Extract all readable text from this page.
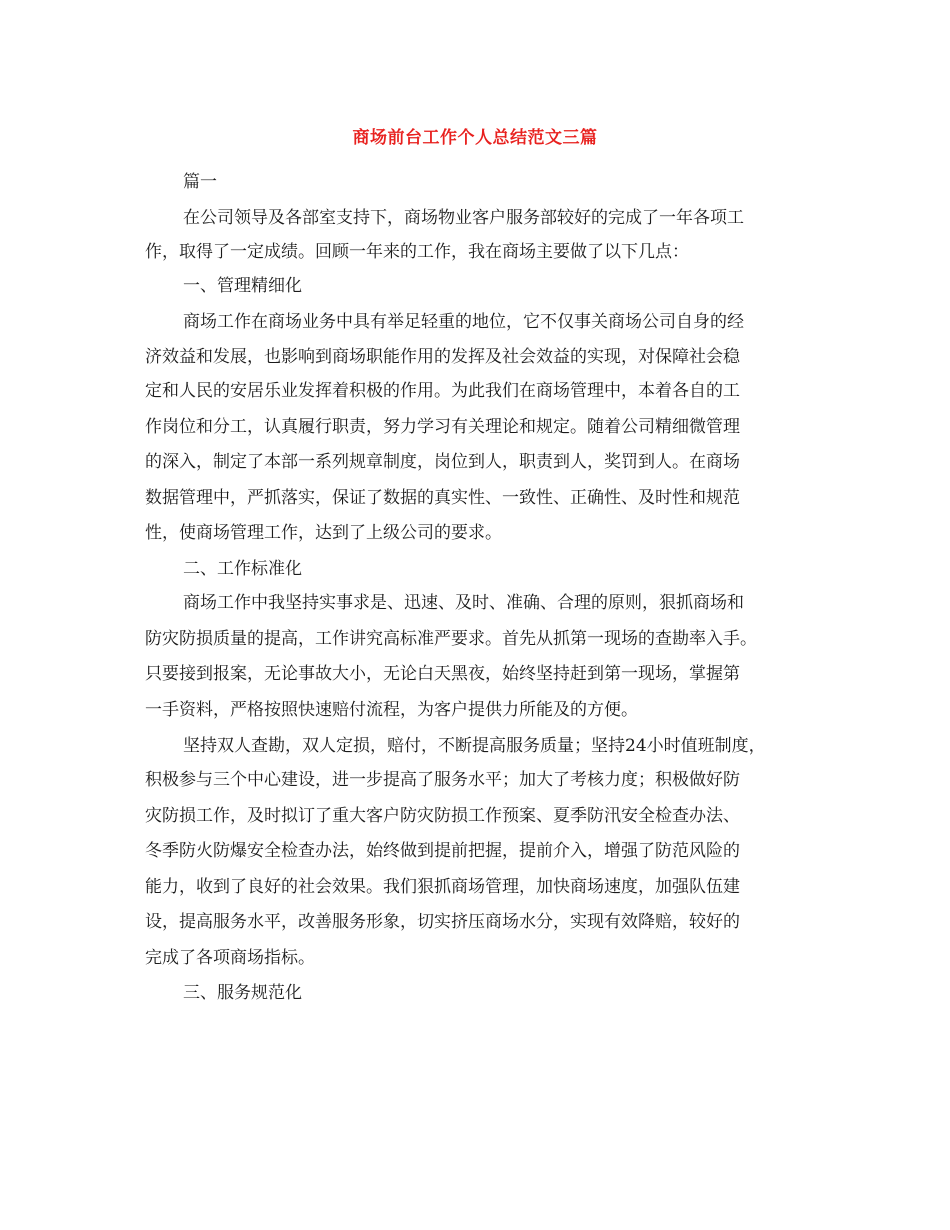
商场前台工作个人总结范文三篇
篇一
在公司领导及各部室支持下，商场物业客户服务部较好的完成了一年各项工
作，取得了一定成绩。回顾一年来的工作，我在商场主要做了以下几点：
一、管理精细化
商场工作在商场业务中具有举足轻重的地位，它不仅事关商场公司自身的经
济效益和发展，也影响到商场职能作用的发挥及社会效益的实现，对保障社会稳
定和人民的安居乐业发挥着积极的作用。为此我们在商场管理中，本着各自的工
作岗位和分工，认真履行职责，努力学习有关理论和规定。随着公司精细微管理
的深入，制定了本部一系列规章制度，岗位到人，职责到人，奖罚到人。在商场
数据管理中，严抓落实，保证了数据的真实性、一致性、正确性、及时性和规范
性，使商场管理工作，达到了上级公司的要求。
二、工作标准化
商场工作中我坚持实事求是、迅速、及时、准确、合理的原则，狠抓商场和
防灾防损质量的提高，工作讲究高标准严要求。首先从抓第一现场的查勘率入手。
只要接到报案，无论事故大小，无论白天黑夜，始终坚持赶到第一现场，掌握第
一手资料，严格按照快速赔付流程，为客户提供力所能及的方便。
坚持双人查勘，双人定损，赔付，不断提高服务质量；坚持24小时值班制度，
积极参与三个中心建设，进一步提高了服务水平；加大了考核力度；积极做好防
灾防损工作，及时拟订了重大客户防灾防损工作预案、夏季防汛安全检查办法、
冬季防火防爆安全检查办法，始终做到提前把握，提前介入，增强了防范风险的
能力，收到了良好的社会效果。我们狠抓商场管理，加快商场速度，加强队伍建
设，提高服务水平，改善服务形象，切实挤压商场水分，实现有效降赔，较好的
完成了各项商场指标。
三、服务规范化
